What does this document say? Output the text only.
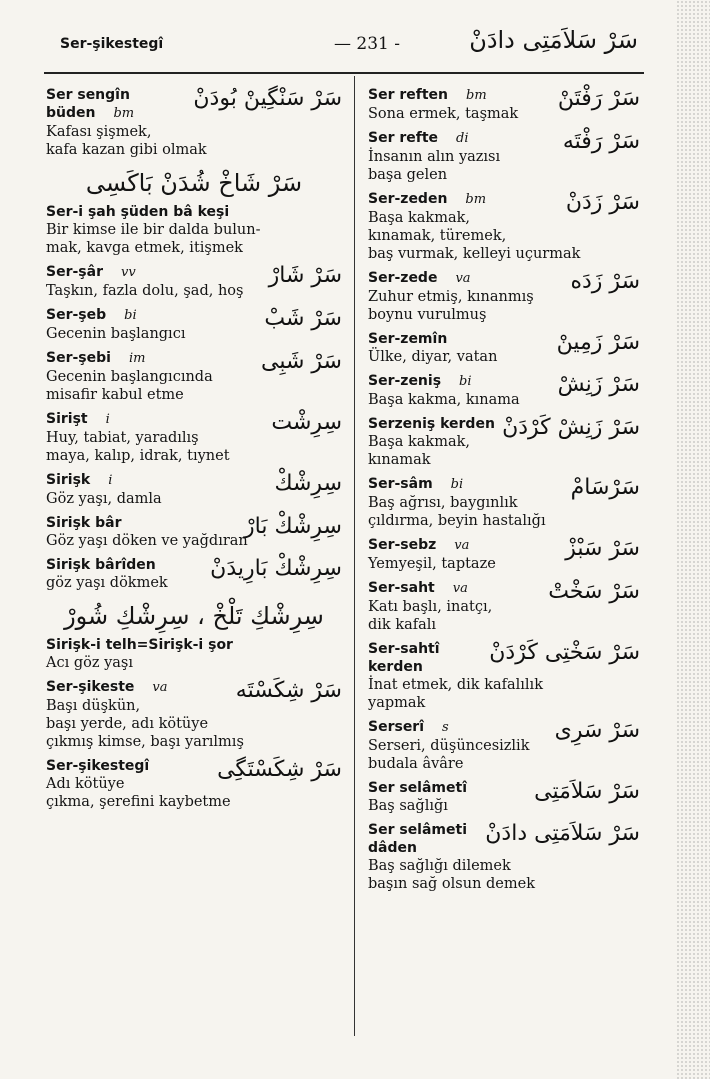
Ser-şikestegî	— 231 -	سَرْ سَلاَمَتِى دادَنْ
Ser sengîn
büden bm
سَرْ سَنْگِينْ بُودَنْ
Kafası şişmek,
kafa kazan gibi olmak
سَرْ شَاخْ شُدَنْ بَاكَسِى
Ser-i şah şüden bâ keşi
Bir kimse ile bir dalda bulun-
mak, kavga etmek, itişmek
Ser-şâr vv	سَرْ شَارْ
Taşkın, fazla dolu, şad, hoş
Ser-şeb bi	سَرْ شَبْ
Gecenin başlangıcı
Ser-şebi im	سَرْ شَبِى
Gecenin başlangıcında
misafir kabul etme
Sirişt i	سِرِشْت
Huy, tabiat, yaradılış
maya, kalıp, idrak, tıynet
Sirişk i	سِرِشْكْ
Göz yaşı, damla
Sirişk bâr	سِرِشْكْ بَارْ
Göz yaşı döken ve yağdıran
Sirişk bârîden	سِرِشْكْ بَارِيدَنْ
göz yaşı dökmek
سِرِشْكِ تَلْخْ ، سِرِشْكِ شُورْ
Sirişk-i telh=Sirişk-i şor
Acı göz yaşı
Ser-şikeste va	سَرْ شِكَسْتَه
Başı düşkün,
başı yerde, adı kötüye
çıkmış kimse, başı yarılmış
Ser-şikestegî	سَرْ شِكَسْتَگِى
Adı kötüye
çıkma, şerefini kaybetme
Ser reften bm	سَرْ رَفْتَنْ
Sona ermek, taşmak
Ser refte di	سَرْ رَفْتَه
İnsanın alın yazısı
başa gelen
Ser-zeden bm	سَرْ زَدَنْ
Başa kakmak,
kınamak, türemek,
baş vurmak, kelleyi uçurmak
Ser-zede va	سَرْ زَدَه
Zuhur etmiş, kınanmış
boynu vurulmuş
Ser-zemîn	سَرْ زَمِينْ
Ülke, diyar, vatan
Ser-zeniş bi	سَرْ زَنِشْ
Başa kakma, kınama
Serzeniş kerden سَرْ زَنِشْ كَرْدَنْ
Başa kakmak,
kınamak
Ser-sâm bi	سَرْسَامْ
Baş ağrısı, baygınlık
çıldırma, beyin hastalığı
Ser-sebz va	سَرْ سَبْزْ
Yemyeşil, taptaze
Ser-saht va	سَرْ سَخْتْ
Katı başlı, inatçı,
dik kafalı
Ser-sahtî
kerden
سَرْ سَخْتِى كَرْدَنْ
İnat etmek, dik kafalılık
yapmak
Serserî s	سَرْ سَرِى
Serseri, düşüncesizlik
budala âvâre
Ser selâmetî	سَرْ سَلاَمَتِى
Baş sağlığı
Ser selâmeti
dâden
سَرْ سَلاَمَتِى دادَنْ
Baş sağlığı dilemek
başın sağ olsun demek
